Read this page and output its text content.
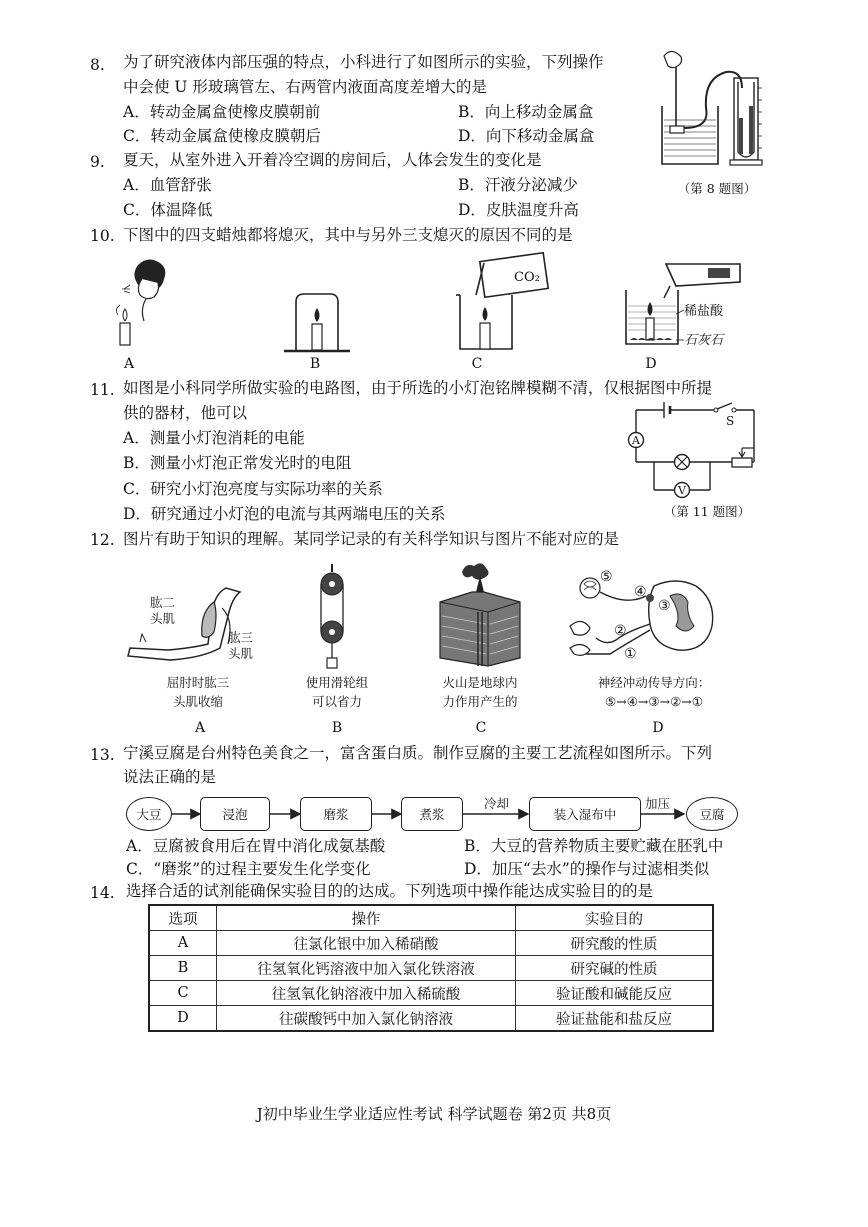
8. 为了研究液体内部压强的特点，小科进行了如图所示的实验，下列操作
中会使 U 形玻璃管左、右两管内液面高度差增大的是
A．转动金属盒使橡皮膜朝前	B．向上移动金属盒
C．转动金属盒使橡皮膜朝后	D．向下移动金属盒
（第 8 题图）
9. 夏天，从室外进入开着冷空调的房间后，人体会发生的变化是
A．血管舒张	B．汗液分泌减少
C．体温降低	D．皮肤温度升高
10. 下图中的四支蜡烛都将熄灭，其中与另外三支熄灭的原因不同的是
A	B
CO₂
C
稀盐酸
石灰石
D
11. 如图是小科同学所做实验的电路图，由于所选的小灯泡铭牌模糊不清，仅根据图中所提
供的器材，他可以
A．测量小灯泡消耗的电能
B．测量小灯泡正常发光时的电阻
C．研究小灯泡亮度与实际功率的关系
D．研究通过小灯泡的电流与其两端电压的关系
A
V
S
（第 11 题图）
12. 图片有助于知识的理解。某同学记录的有关科学知识与图片不能对应的是
肱二
头肌
肱三
头肌
屈肘时肱三
头肌收缩
A
使用滑轮组
可以省力
B
火山是地球内
力作用产生的
C
⑤
④
③
②
①
神经冲动传导方向：
⑤→④→③→②→①
D
13. 宁溪豆腐是台州特色美食之一，富含蛋白质。制作豆腐的主要工艺流程如图所示。下列
说法正确的是
大豆	浸泡	磨浆	煮浆
冷却
装入湿布中
加压
豆腐
A．豆腐被食用后在胃中消化成氨基酸	B．大豆的营养物质主要贮藏在胚乳中
C．“磨浆”的过程主要发生化学变化	D．加压“去水”的操作与过滤相类似
14. 选择合适的试剂能确保实验目的的达成。下列选项中操作能达成实验目的的是
选项	操作	实验目的
A	往氯化银中加入稀硝酸	研究酸的性质
B	往氢氧化钙溶液中加入氯化铁溶液	研究碱的性质
C	往氢氧化钠溶液中加入稀硫酸	验证酸和碱能反应
D	往碳酸钙中加入氯化钠溶液	验证盐能和盐反应
J初中毕业生学业适应性考试 科学试题卷 第2页 共8页
